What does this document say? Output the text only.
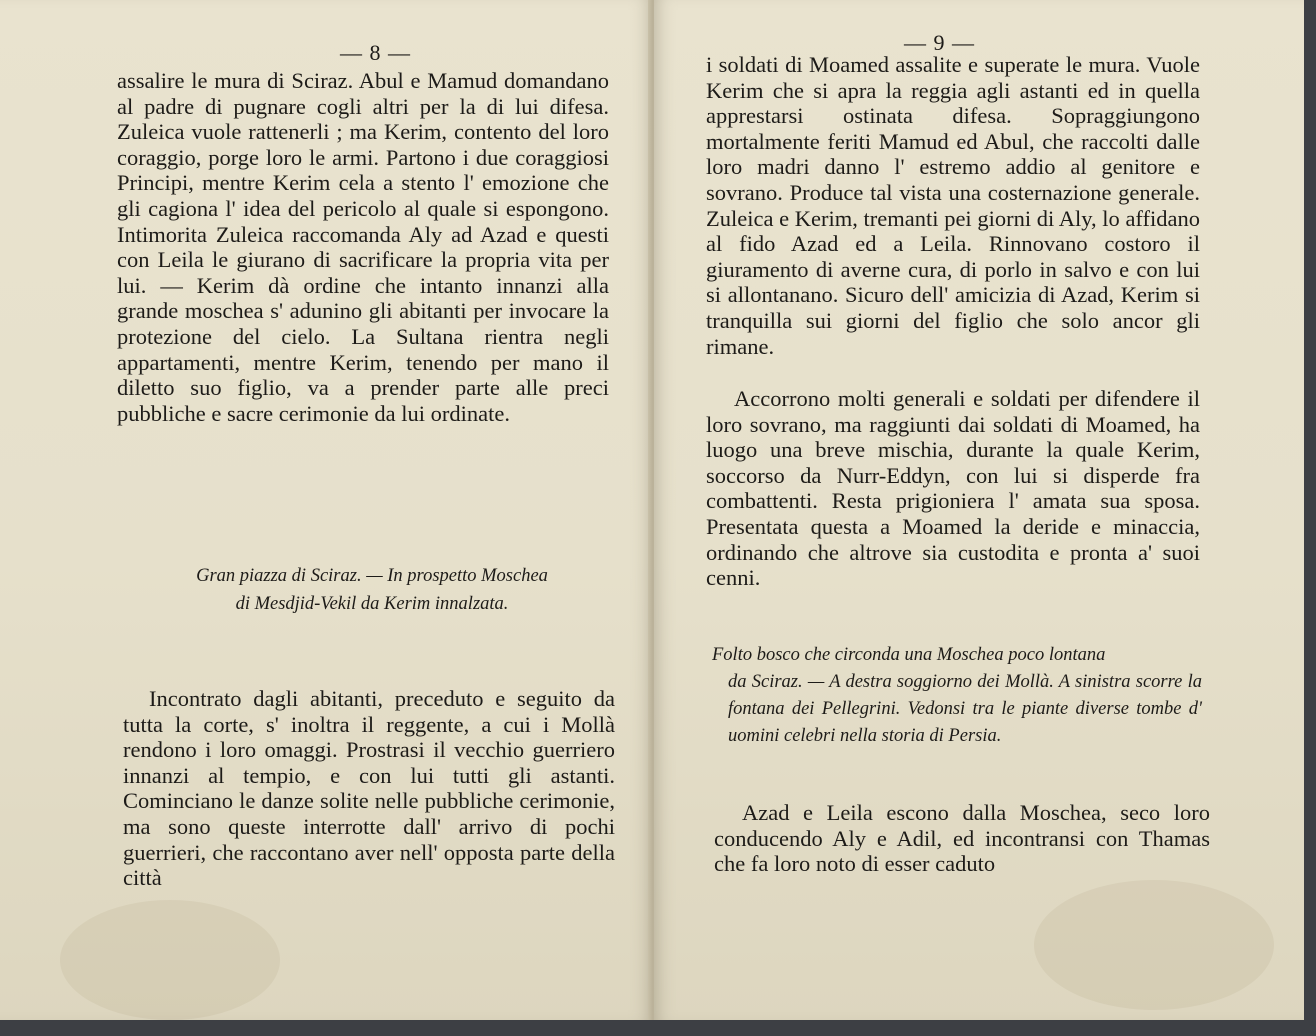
— 8 —

assalire le mura di Sciraz. Abul e Mamud domandano al padre di pugnare cogli altri per la di lui difesa. Zuleica vuole rattenerli ; ma Kerim, contento del loro coraggio, porge loro le armi. Partono i due coraggiosi Principi, mentre Kerim cela a stento l' emozione che gli cagiona l' idea del pericolo al quale si espongono. Intimorita Zuleica raccomanda Aly ad Azad e questi con Leila le giurano di sacrificare la propria vita per lui. — Kerim dà ordine che intanto innanzi alla grande moschea s' adunino gli abitanti per invocare la protezione del cielo. La Sultana rientra negli appartamenti, mentre Kerim, tenendo per mano il diletto suo figlio, va a prender parte alle preci pubbliche e sacre cerimonie da lui ordinate.

Gran piazza di Sciraz. — In prospetto Moschea
di Mesdjid-Vekil da Kerim innalzata.

Incontrato dagli abitanti, preceduto e seguito da tutta la corte, s' inoltra il reggente, a cui i Mollà rendono i loro omaggi. Prostrasi il vecchio guerriero innanzi al tempio, e con lui tutti gli astanti. Cominciano le danze solite nelle pubbliche cerimonie, ma sono queste interrotte dall' arrivo di pochi guerrieri, che raccontano aver nell' opposta parte della città

— 9 —

i soldati di Moamed assalite e superate le mura. Vuole Kerim che si apra la reggia agli astanti ed in quella apprestarsi ostinata difesa. Sopraggiungono mortalmente feriti Mamud ed Abul, che raccolti dalle loro madri danno l' estremo addio al genitore e sovrano. Produce tal vista una costernazione generale. Zuleica e Kerim, tremanti pei giorni di Aly, lo affidano al fido Azad ed a Leila. Rinnovano costoro il giuramento di averne cura, di porlo in salvo e con lui si allontanano. Sicuro dell' amicizia di Azad, Kerim si tranquilla sui giorni del figlio che solo ancor gli rimane.

Accorrono molti generali e soldati per difendere il loro sovrano, ma raggiunti dai soldati di Moamed, ha luogo una breve mischia, durante la quale Kerim, soccorso da Nurr-Eddyn, con lui si disperde fra combattenti. Resta prigioniera l' amata sua sposa. Presentata questa a Moamed la deride e minaccia, ordinando che altrove sia custodita e pronta a' suoi cenni.

Folto bosco che circonda una Moschea poco lontana
da Sciraz. — A destra soggiorno dei Mollà. A sinistra scorre la fontana dei Pellegrini. Vedonsi tra le piante diverse tombe d' uomini celebri nella storia di Persia.

Azad e Leila escono dalla Moschea, seco loro conducendo Aly e Adil, ed incontransi con Thamas che fa loro noto di esser caduto
